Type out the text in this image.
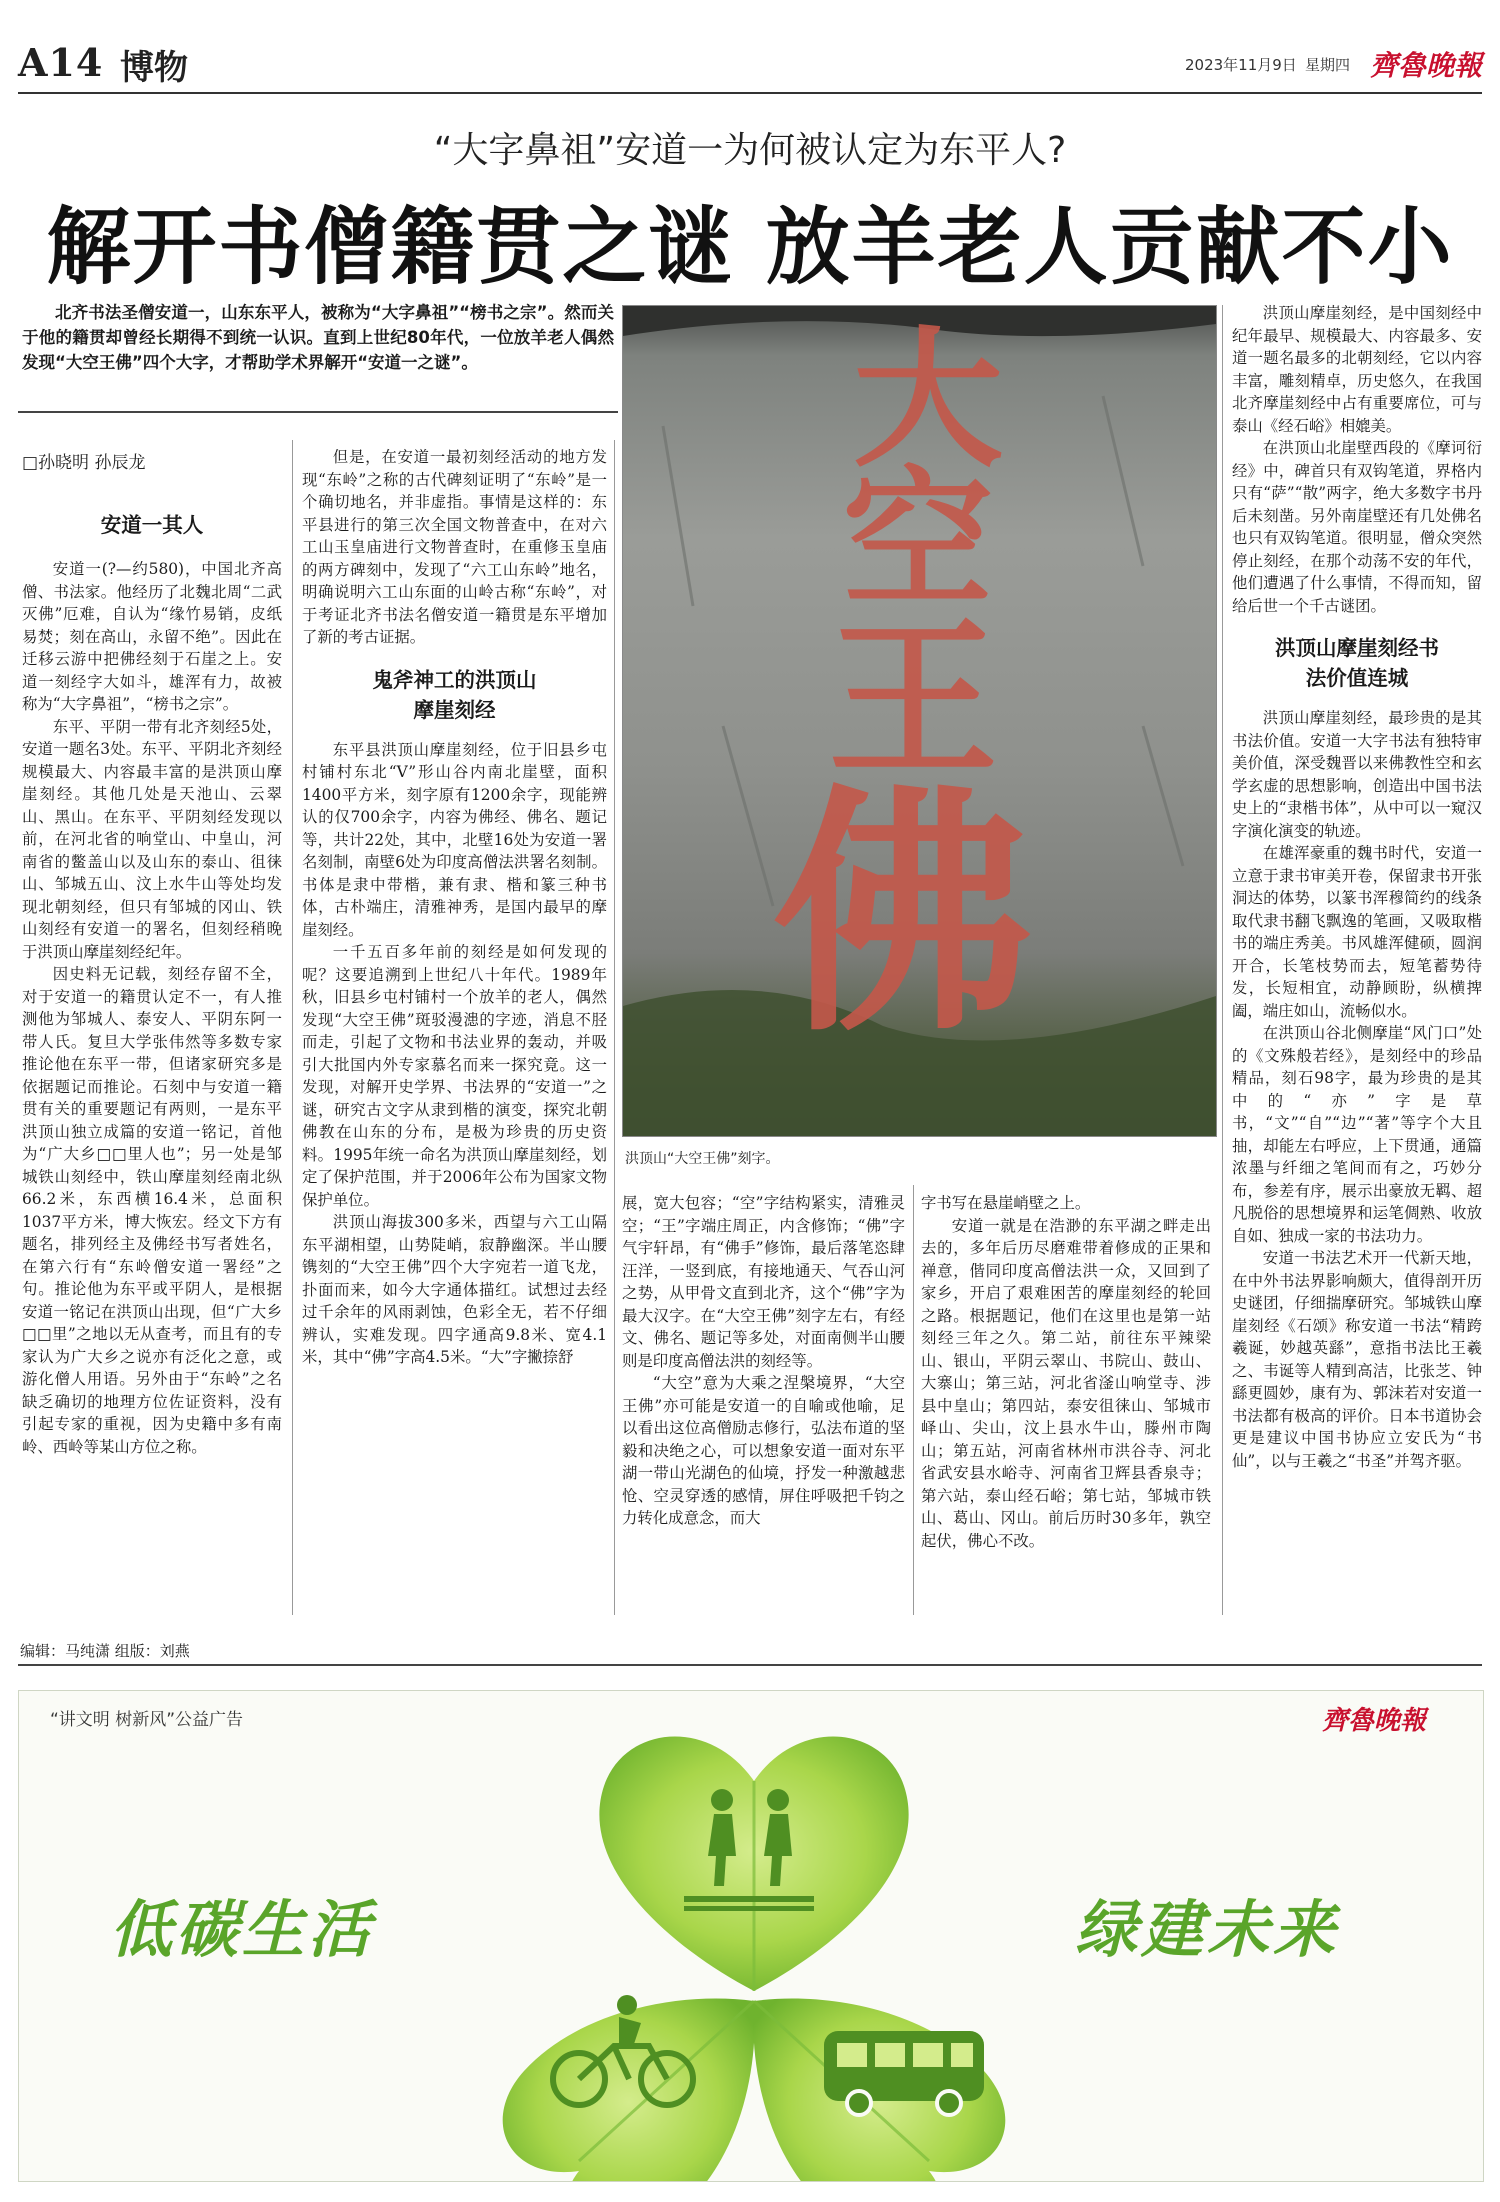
A14 博物	2023年11月9日 星期四 齊魯晚報
“大字鼻祖”安道一为何被认定为东平人?
解开书僧籍贯之谜 放羊老人贡献不小
北齐书法圣僧安道一，山东东平人，被称为“大字鼻祖”“榜书之宗”。然而关于他的籍贯却曾经长期得不到统一认识。直到上世纪80年代，一位放羊老人偶然发现“大空王佛”四个大字，才帮助学术界解开“安道一之谜”。
□孙晓明 孙辰龙
安道一其人

安道一(?—约580)，中国北齐高僧、书法家。他经历了北魏北周“二武灭佛”厄难，自认为“缘竹易销，皮纸易焚；刻在高山，永留不绝”。因此在迁移云游中把佛经刻于石崖之上。安道一刻经字大如斗，雄浑有力，故被称为“大字鼻祖”，“榜书之宗”。

东平、平阴一带有北齐刻经5处，安道一题名3处。东平、平阴北齐刻经规模最大、内容最丰富的是洪顶山摩崖刻经。其他几处是天池山、云翠山、黑山。在东平、平阴刻经发现以前，在河北省的响堂山、中皇山，河南省的鳖盖山以及山东的泰山、徂徕山、邹城五山、汶上水牛山等处均发现北朝刻经，但只有邹城的冈山、铁山刻经有安道一的署名，但刻经稍晚于洪顶山摩崖刻经纪年。

因史料无记载，刻经存留不全，对于安道一的籍贯认定不一，有人推测他为邹城人、泰安人、平阴东阿一带人氏。复旦大学张伟然等多数专家推论他在东平一带，但诸家研究多是依据题记而推论。石刻中与安道一籍贯有关的重要题记有两则，一是东平洪顶山独立成篇的安道一铭记，首他为“广大乡□□里人也”；另一处是邹城铁山刻经中，铁山摩崖刻经南北纵66.2米，东西横16.4米，总面积1037平方米，博大恢宏。经文下方有题名，排列经主及佛经书写者姓名，在第六行有“东岭僧安道一署经”之句。推论他为东平或平阴人，是根据安道一铭记在洪顶山出现，但“广大乡□□里”之地以无从查考，而且有的专家认为广大乡之说亦有泛化之意，或游化僧人用语。另外由于“东岭”之名缺乏确切的地理方位佐证资料，没有引起专家的重视，因为史籍中多有南岭、西岭等某山方位之称。

但是，在安道一最初刻经活动的地方发现“东岭”之称的古代碑刻证明了“东岭”是一个确切地名，并非虚指。事情是这样的：东平县进行的第三次全国文物普查中，在对六工山玉皇庙进行文物普查时，在重修玉皇庙的两方碑刻中，发现了“六工山东岭”地名，明确说明六工山东面的山岭古称“东岭”，对于考证北齐书法名僧安道一籍贯是东平增加了新的考古证据。

鬼斧神工的洪顶山摩崖刻经

东平县洪顶山摩崖刻经，位于旧县乡屯村铺村东北“V”形山谷内南北崖壁，面积1400平方米，刻字原有1200余字，现能辨认的仅700余字，内容为佛经、佛名、题记等，共计22处，其中，北壁16处为安道一署名刻制，南壁6处为印度高僧法洪署名刻制。书体是隶中带楷，兼有隶、楷和篆三种书体，古朴端庄，清雅神秀，是国内最早的摩崖刻经。

一千五百多年前的刻经是如何发现的呢？这要追溯到上世纪八十年代。1989年秋，旧县乡屯村铺村一个放羊的老人，偶然发现“大空王佛”斑驳漫漶的字迹，消息不胫而走，引起了文物和书法业界的轰动，并吸引大批国内外专家慕名而来一探究竟。这一发现，对解开史学界、书法界的“安道一”之谜，研究古文字从隶到楷的演变，探究北朝佛教在山东的分布，是极为珍贵的历史资料。1995年统一命名为洪顶山摩崖刻经，划定了保护范围，并于2006年公布为国家文物保护单位。

洪顶山海拔300多米，西望与六工山隔东平湖相望，山势陡峭，寂静幽深。半山腰镌刻的“大空王佛”四个大字宛若一道飞龙，扑面而来，如今大字通体描红。试想过去经过千余年的风雨剥蚀，色彩全无，若不仔细辨认，实难发现。四字通高9.8米、宽4.1米，其中“佛”字高4.5米。“大”字撇捺舒

大
空
王
佛
洪顶山“大空王佛”刻字。

展，宽大包容；“空”字结构紧实，清雅灵空；“王”字端庄周正，内含修饰；“佛”字气宇轩昂，有“佛手”修饰，最后落笔恣肆汪洋，一竖到底，有接地通天、气吞山河之势，从甲骨文直到北齐，这个“佛”字为最大汉字。在“大空王佛”刻字左右，有经文、佛名、题记等多处，对面南侧半山腰则是印度高僧法洪的刻经等。

“大空”意为大乘之涅槃境界，“大空王佛”亦可能是安道一的自喻或他喻，足以看出这位高僧励志修行，弘法布道的坚毅和决绝之心，可以想象安道一面对东平湖一带山光湖色的仙境，抒发一种激越悲怆、空灵穿透的感情，屏住呼吸把千钧之力转化成意念，而大

字书写在悬崖峭壁之上。

安道一就是在浩渺的东平湖之畔走出去的，多年后历尽磨难带着修成的正果和禅意，偕同印度高僧法洪一众，又回到了家乡，开启了艰难困苦的摩崖刻经的轮回之路。根据题记，他们在这里也是第一站刻经三年之久。第二站，前往东平辣梁山、银山，平阴云翠山、书院山、鼓山、大寨山；第三站，河北省滏山响堂寺、涉县中皇山；第四站，泰安徂徕山、邹城市峄山、尖山，汶上县水牛山，滕州市陶山；第五站，河南省林州市洪谷寺、河北省武安县水峪寺、河南省卫辉县香泉寺；第六站，泰山经石峪；第七站，邹城市铁山、葛山、冈山。前后历时30多年，孰空起伏，佛心不改。

洪顶山摩崖刻经，是中国刻经中纪年最早、规模最大、内容最多、安道一题名最多的北朝刻经，它以内容丰富，雕刻精卓，历史悠久，在我国北齐摩崖刻经中占有重要席位，可与泰山《经石峪》相媲美。

在洪顶山北崖壁西段的《摩诃衍经》中，碑首只有双钩笔道，界格内只有“萨”“散”两字，绝大多数字书丹后未刻凿。另外南崖壁还有几处佛名也只有双钩笔道。很明显，僧众突然停止刻经，在那个动荡不安的年代，他们遭遇了什么事情，不得而知，留给后世一个千古谜团。

洪顶山摩崖刻经书法价值连城

洪顶山摩崖刻经，最珍贵的是其书法价值。安道一大字书法有独特审美价值，深受魏晋以来佛教性空和玄学玄虚的思想影响，创造出中国书法史上的“隶楷书体”，从中可以一窥汉字演化演变的轨迹。

在雄浑豪重的魏书时代，安道一立意于隶书审美开卷，保留隶书开张洞达的体势，以篆书浑穆简约的线条取代隶书翻飞飘逸的笔画，又吸取楷书的端庄秀美。书风雄浑健硕，圆润开合，长笔枝势而去，短笔蓄势待发，长短相宜，动静顾盼，纵横捭阖，端庄如山，流畅似水。

在洪顶山谷北侧摩崖“风门口”处的《文殊般若经》，是刻经中的珍品精品，刻石98字，最为珍贵的是其中的“亦”字是草书，“文”“自”“边”“著”等字个大且抽，却能左右呼应，上下贯通，通篇浓墨与纤细之笔间而有之，巧妙分布，参差有序，展示出豪放无羁、超凡脱俗的思想境界和运笔倜熟、收放自如、独成一家的书法功力。

安道一书法艺术开一代新天地，在中外书法界影响颇大，值得剖开历史谜团，仔细揣摩研究。邹城铁山摩崖刻经《石颂》称安道一书法“精跨羲诞，妙越英繇”，意指书法比王羲之、韦诞等人精到高洁，比张芝、钟繇更圆妙，康有为、郭沫若对安道一书法都有极高的评价。日本书道协会更是建议中国书协应立安氏为“书仙”，以与王羲之“书圣”并驾齐驱。

编辑：马纯潇 组版：刘燕
“讲文明 树新风”公益广告	齊魯晚報
低碳生活	绿建未来
